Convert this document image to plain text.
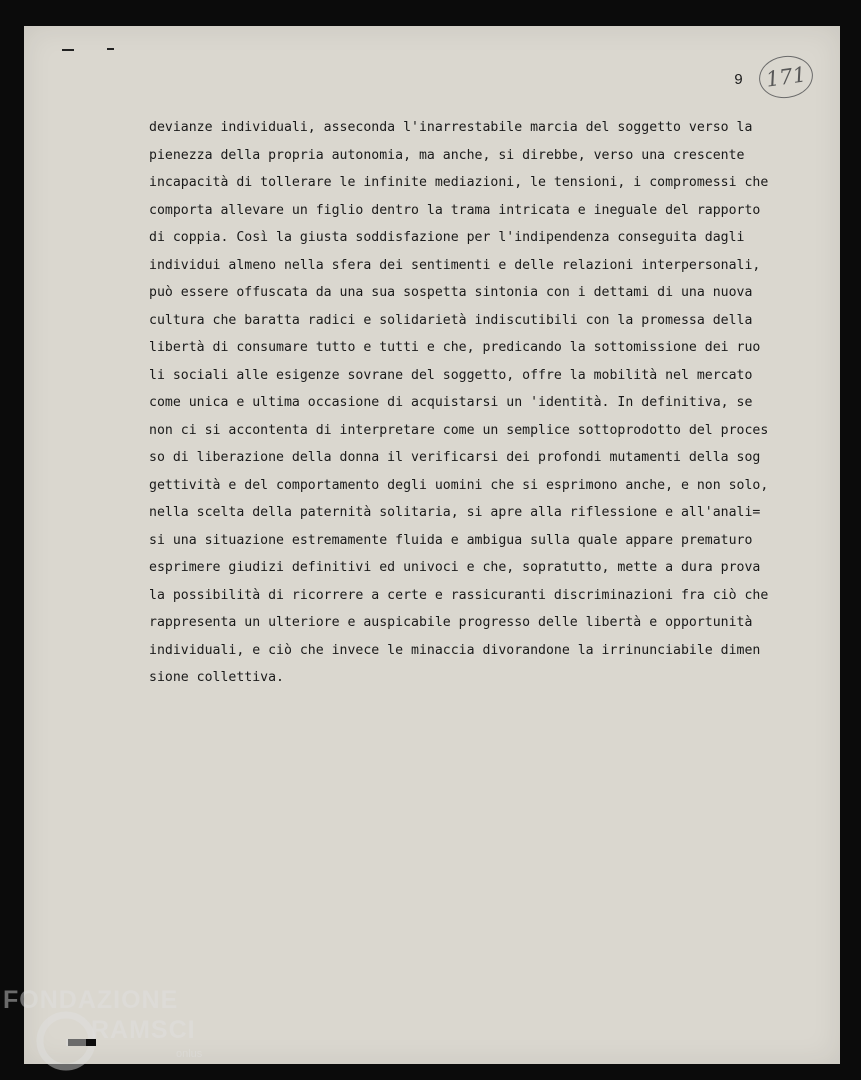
9	171
devianze individuali, asseconda l'inarrestabile marcia del soggetto verso la
pienezza della propria autonomia, ma anche, si direbbe, verso una crescente
incapacità di tollerare le infinite mediazioni, le tensioni, i compromessi che
comporta allevare un figlio dentro la trama intricata e ineguale del rapporto
di coppia. Così la giusta soddisfazione per l'indipendenza conseguita dagli
individui almeno nella sfera dei sentimenti e delle relazioni interpersonali,
può essere offuscata da una sua sospetta sintonia con i dettami di una nuova
cultura che baratta radici e solidarietà indiscutibili con la promessa della
libertà di consumare tutto e tutti e che, predicando la sottomissione dei ruo
li sociali alle esigenze sovrane del soggetto, offre la mobilità nel mercato
come unica e ultima occasione di acquistarsi un 'identità. In definitiva, se
non ci si accontenta di interpretare come un semplice sottoprodotto del proces
so di liberazione della donna il verificarsi dei profondi mutamenti della sog
gettività e del comportamento degli uomini che si esprimono anche, e non solo,
nella scelta della paternità solitaria, si apre alla riflessione e all'anali=
si una situazione estremamente fluida e ambigua sulla quale appare prematuro
esprimere giudizi definitivi ed univoci e che, sopratutto, mette a dura prova
la possibilità di ricorrere a certe e rassicuranti discriminazioni fra ciò che
rappresenta un ulteriore e auspicabile progresso delle libertà e opportunità
individuali, e ciò che invece le minaccia divorandone la irrinunciabile dimen
sione collettiva.
FONDAZIONE
RAMSCI
onlus
